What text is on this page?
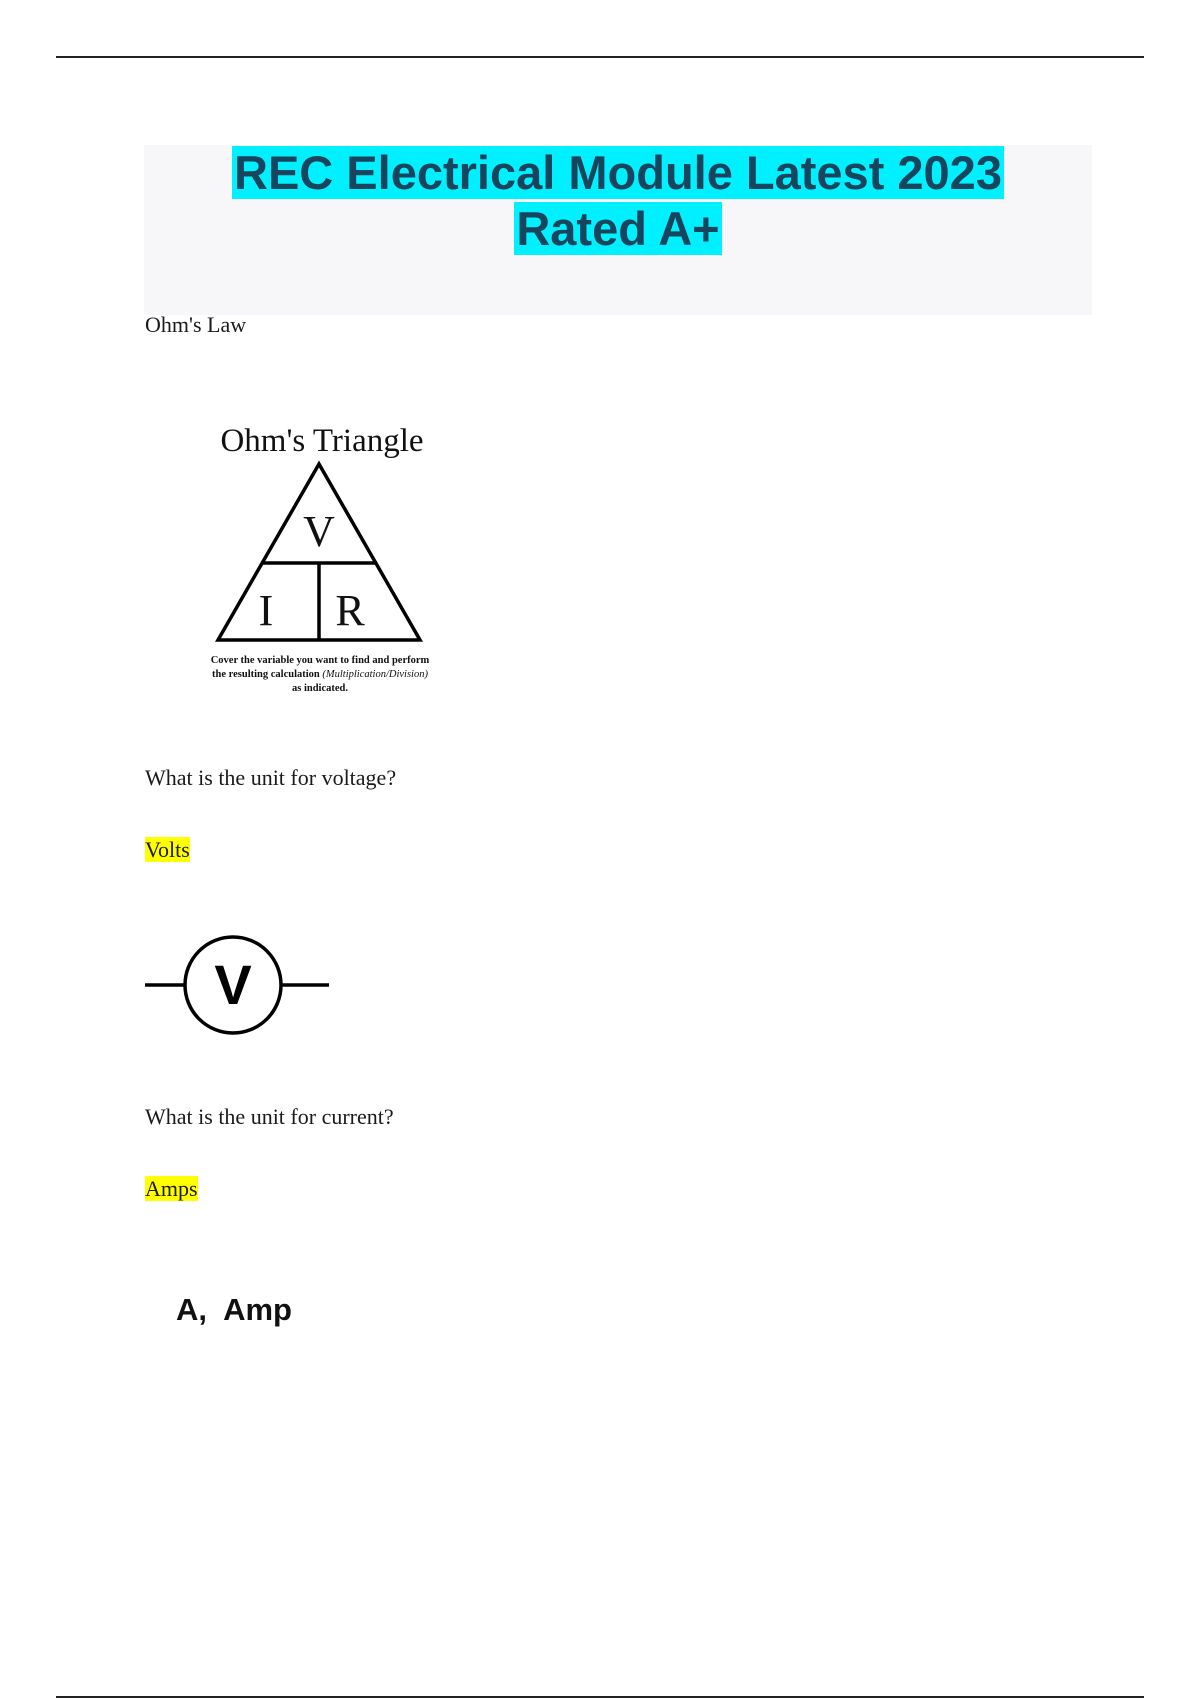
REC Electrical Module Latest 2023
Rated A+

Ohm's Law

Ohm's Triangle
V
I R
Cover the variable you want to find and perform
the resulting calculation (Multiplication/Division)
as indicated.

What is the unit for voltage?

Volts

V

What is the unit for current?

Amps

A,  Amp
